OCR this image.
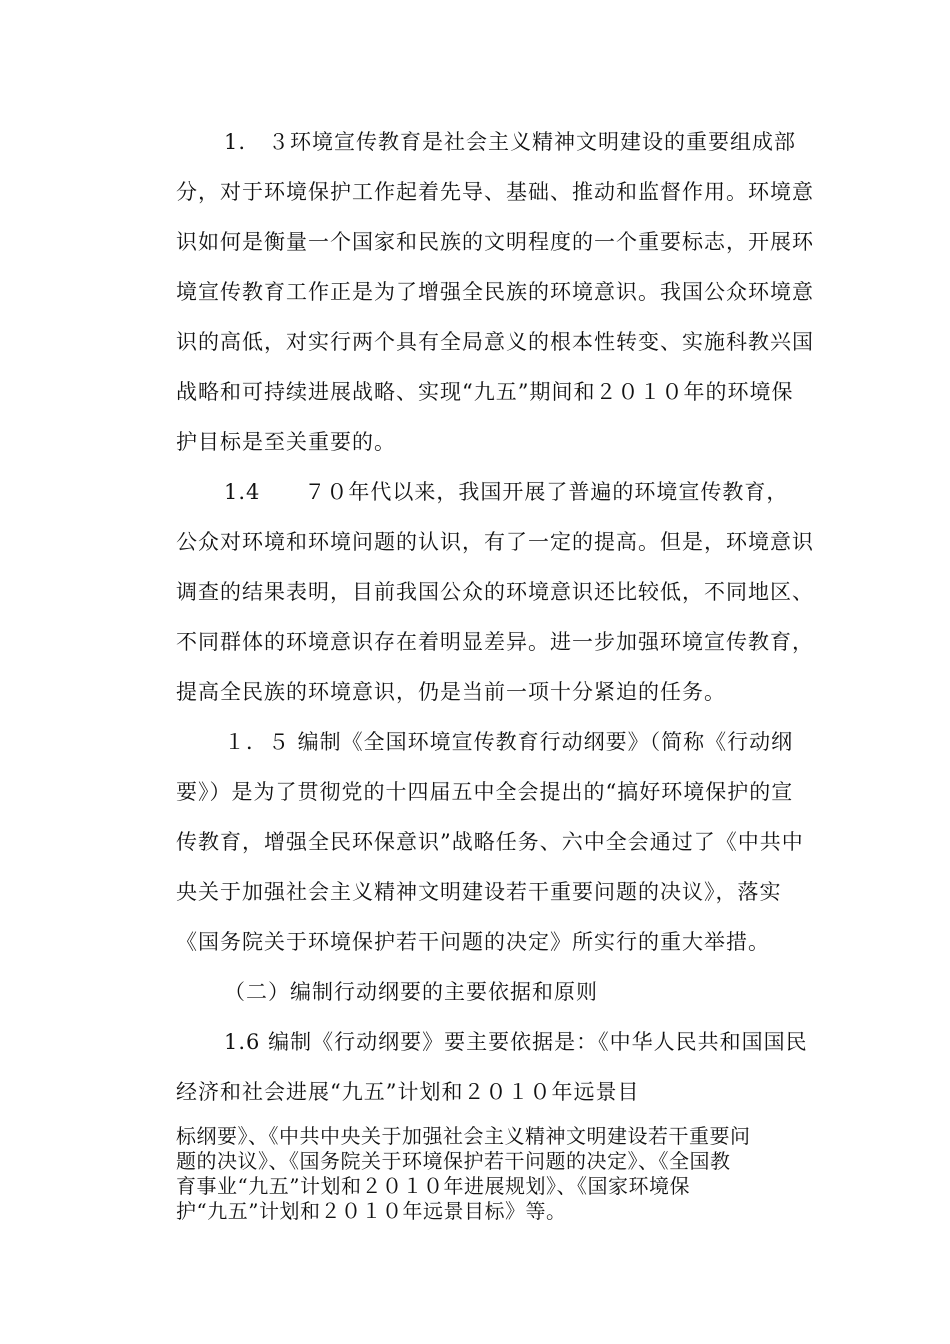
1.　３环境宣传教育是社会主义精神文明建设的重要组成部
分，对于环境保护工作起着先导、基础、推动和监督作用。环境意
识如何是衡量一个国家和民族的文明程度的一个重要标志，开展环
境宣传教育工作正是为了增强全民族的环境意识。我国公众环境意
识的高低，对实行两个具有全局意义的根本性转变、实施科教兴国
战略和可持续进展战略、实现“九五”期间和２０１０年的环境保
护目标是至关重要的。
1.4　　７０年代以来，我国开展了普遍的环境宣传教育，
公众对环境和环境问题的认识，有了一定的提高。但是，环境意识
调查的结果表明，目前我国公众的环境意识还比较低，不同地区、
不同群体的环境意识存在着明显差异。进一步加强环境宣传教育，
提高全民族的环境意识，仍是当前一项十分紧迫的任务。
１．５ 编制《全国环境宣传教育行动纲要》（简称《行动纲
要》）是为了贯彻党的十四届五中全会提出的“搞好环境保护的宣
传教育，增强全民环保意识”战略任务、六中全会通过了《中共中
央关于加强社会主义精神文明建设若干重要问题的决议》，落实
《国务院关于环境保护若干问题的决定》所实行的重大举措。
（二）编制行动纲要的主要依据和原则
1.6 编制《行动纲要》要主要依据是：《中华人民共和国国民
经济和社会进展“九五”计划和２０１０年远景目
标纲要》、《中共中央关于加强社会主义精神文明建设若干重要问
题的决议》、《国务院关于环境保护若干问题的决定》、《全国教
育事业“九五”计划和２０１０年进展规划》、《国家环境保
护“九五”计划和２０１０年远景目标》等。
